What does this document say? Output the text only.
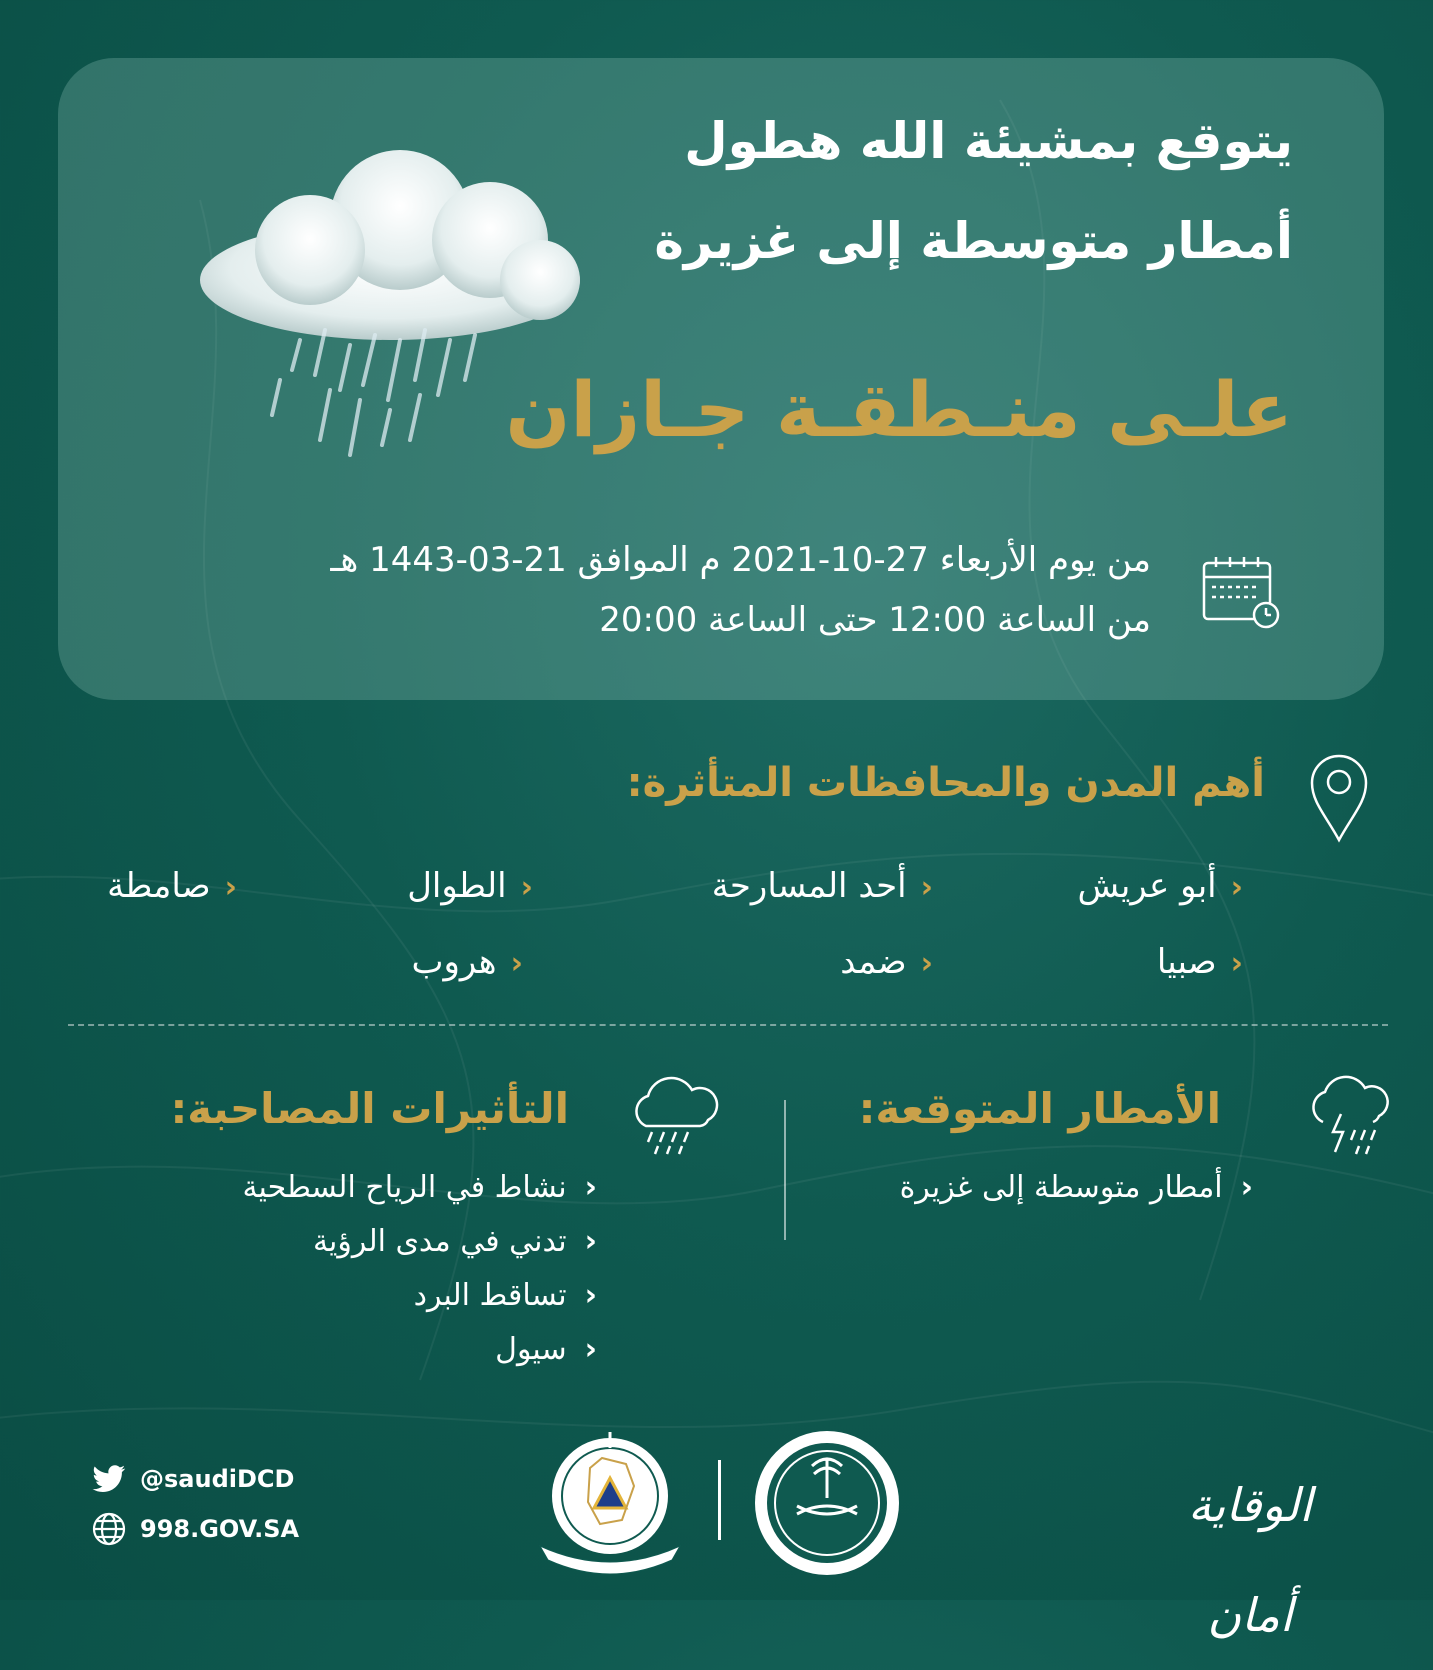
يتوقع بمشيئة الله هطول
أمطار متوسطة إلى غزيرة
علـى منـطقـة جـازان

من يوم الأربعاء 27-10-2021 م الموافق 21-03-1443 هـ

من الساعة 12:00 حتى الساعة 20:00

أهم المدن والمحافظات المتأثرة:
‹أبو عريش
‹أحد المسارحة
‹الطوال
‹صامطة
‹صبيا
‹ضمد
‹هروب
الأمطار المتوقعة:
‹أمطار متوسطة إلى غزيرة
التأثيرات المصاحبة:
‹نشاط في الرياح السطحية
‹تدني في مدى الرؤية
‹تساقط البرد
‹سيول
@saudiDCD
998.GOV.SA	الوقاية أمان
